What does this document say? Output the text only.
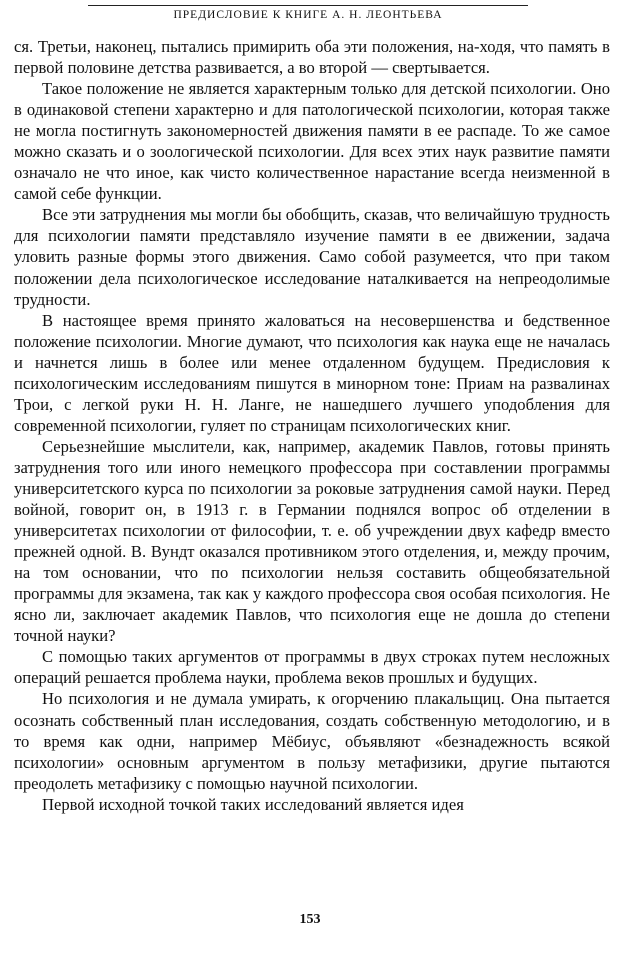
ПРЕДИСЛОВИЕ К КНИГЕ А. Н. ЛЕОНТЬЕВА

ся. Третьи, наконец, пытались примирить оба эти положения, на-ходя, что память в первой половине детства развивается, а во второй — свертывается.

Такое положение не является характерным только для детской психологии. Оно в одинаковой степени характерно и для патологической психологии, которая также не могла постигнуть закономерностей движения памяти в ее распаде. То же самое можно сказать и о зоологической психологии. Для всех этих наук развитие памяти означало не что иное, как чисто количественное нарастание всегда неизменной в самой себе функции.

Все эти затруднения мы могли бы обобщить, сказав, что величайшую трудность для психологии памяти представляло изучение памяти в ее движении, задача уловить разные формы этого движения. Само собой разумеется, что при таком положении дела психологическое исследование наталкивается на непреодолимые трудности.

В настоящее время принято жаловаться на несовершенства и бедственное положение психологии. Многие думают, что психология как наука еще не началась и начнется лишь в более или менее отдаленном будущем. Предисловия к психологическим исследованиям пишутся в минорном тоне: Приам на развалинах Трои, с легкой руки Н. Н. Ланге, не нашедшего лучшего уподобления для современной психологии, гуляет по страницам психологических книг.

Серьезнейшие мыслители, как, например, академик Павлов, готовы принять затруднения того или иного немецкого профессора при составлении программы университетского курса по психологии за роковые затруднения самой науки. Перед войной, говорит он, в 1913 г. в Германии поднялся вопрос об отделении в университетах психологии от философии, т. е. об учреждении двух кафедр вместо прежней одной. В. Вундт оказался противником этого отделения, и, между прочим, на том основании, что по психологии нельзя составить общеобязательной программы для экзамена, так как у каждого профессора своя особая психология. Не ясно ли, заключает академик Павлов, что психология еще не дошла до степени точной науки?

С помощью таких аргументов от программы в двух строках путем несложных операций решается проблема науки, проблема веков прошлых и будущих.

Но психология и не думала умирать, к огорчению плакальщиц. Она пытается осознать собственный план исследования, создать собственную методологию, и в то время как одни, например Мёбиус, объявляют «безнадежность всякой психологии» основным аргументом в пользу метафизики, другие пытаются преодолеть метафизику с помощью научной психологии.

Первой исходной точкой таких исследований является идея

153
